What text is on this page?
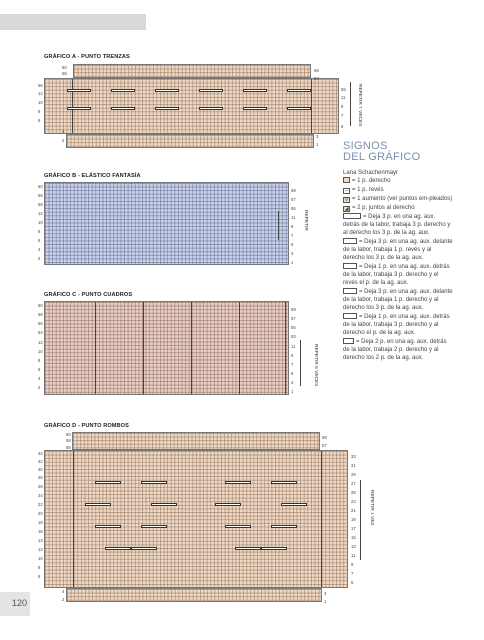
GRÁFICO A - PUNTO TRENZAS
60
58
56
12
10
8
6
4
2
59
57
55
11
9
7
5
3
1
REPETIR 7 VECES
GRÁFICO B - ELÁSTICO FANTASÍA
60
58
56
12
10
8
6
4
2
59
57
55
11
9
7
5
3
1
REPETIR
GRÁFICO C - PUNTO CUADROS
60
58
56
54
12
10
8
6
4
2
59
57
55
53
11
9
7
5
3
1
REPETIR 5 VECES
GRÁFICO D - PUNTO ROMBOS
60
58
56
34
32
30
28
26
24
22
20
18
16
14
12
10
8
6
4
2
59
57
33
31
29
27
25
23
21
19
17
15
13
11
9
7
5
3
1
REPETIR 1 VEZ
SIGNOS
DEL GRÁFICO
Lana Schachenmayr
= 1 p. derecho
– = 1 p. revés
v = 1 aumento (ver puntos em-pleados)
◢ = 2 p. juntos al derecho
= Deja 3 p. en una ag. aux. detrás de la labor, trabaja 3 p. derecho y al derecho los 3 p. de la ag. aux.
= Deja 3 p. en una ag. aux. delante de la labor, trabaja 1 p. revés y al derecho los 3 p. de la ag. aux.
= Deja 1 p. en una ag. aux. detrás de la labor, trabaja 3 p. derecho y el revés el p. de la ag. aux.
= Deja 3 p. en una ag. aux. delante de la labor, trabaja 1 p. derecho y al derecho los 3 p. de la ag. aux.
= Deja 1 p. en una ag. aux. detrás de la labor, trabaja 3 p. derecho y al derecho el p. de la ag. aux.
= Deja 2 p. en una ag. aux. detrás de la labor, trabaja 2 p. derecho y al derecho los 2 p. de la ag. aux.
120
